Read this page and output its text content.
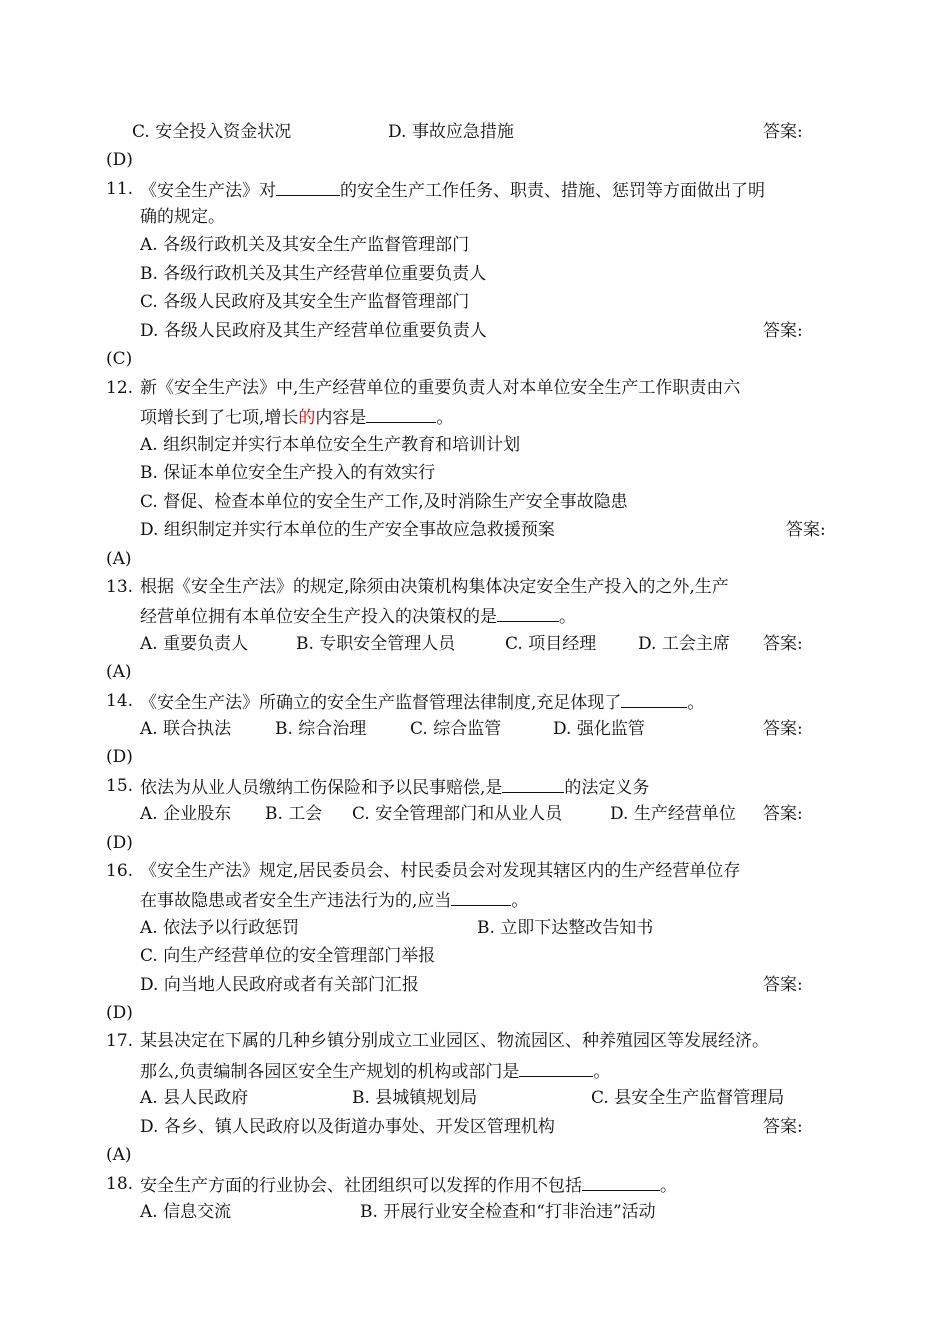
C. 安全投入资金状况

	D. 事故应急措施

	答案:

(D)

11.

《安全生产法》对	的安全生产工作任务、职责、措施、惩罚等方面做出了明

确的规定。

A. 各级行政机关及其安全生产监督管理部门

B. 各级行政机关及其生产经营单位重要负责人

C. 各级人民政府及其安全生产监督管理部门

D. 各级人民政府及其生产经营单位重要负责人

	答案:

(C)

12.

新《安全生产法》中,生产经营单位的重要负责人对本单位安全生产工作职责由六

项增长到了七项,增长的内容是	。

A. 组织制定并实行本单位安全生产教育和培训计划

B. 保证本单位安全生产投入的有效实行

C. 督促、检查本单位的安全生产工作,及时消除生产安全事故隐患

D. 组织制定并实行本单位的生产安全事故应急救援预案

	答案:

(A)

13.

根据《安全生产法》的规定,除须由决策机构集体决定安全生产投入的之外,生产

经营单位拥有本单位安全生产投入的决策权的是	。

A. 重要负责人

	B. 专职安全管理人员

	C. 项目经理

D. 工会主席

答案:

(A)

14.

《安全生产法》所确立的安全生产监督管理法律制度,充足体现了	。

A. 联合执法

	B. 综合治理

	C. 综合监管

	D. 强化监管

	答案:

(D)

15.

依法为从业人员缴纳工伤保险和予以民事赔偿,是	的法定义务

A. 企业股东

B. 工会

C. 安全管理部门和从业人员

	D. 生产经营单位

答案:

(D)

16.

《安全生产法》规定,居民委员会、村民委员会对发现其辖区内的生产经营单位存

在事故隐患或者安全生产违法行为的,应当	。

A. 依法予以行政惩罚

	B. 立即下达整改告知书

C. 向生产经营单位的安全管理部门举报

D. 向当地人民政府或者有关部门汇报

	答案:

(D)

17.

某县决定在下属的几种乡镇分别成立工业园区、物流园区、种养殖园区等发展经济。

那么,负责编制各园区安全生产规划的机构或部门是	。

A. 县人民政府

	B. 县城镇规划局

	C. 县安全生产监督管理局

D. 各乡、镇人民政府以及街道办事处、开发区管理机构

	答案:

(A)

18.

安全生产方面的行业协会、社团组织可以发挥的作用不包括	。

A. 信息交流

	B. 开展行业安全检查和“打非治违”活动
